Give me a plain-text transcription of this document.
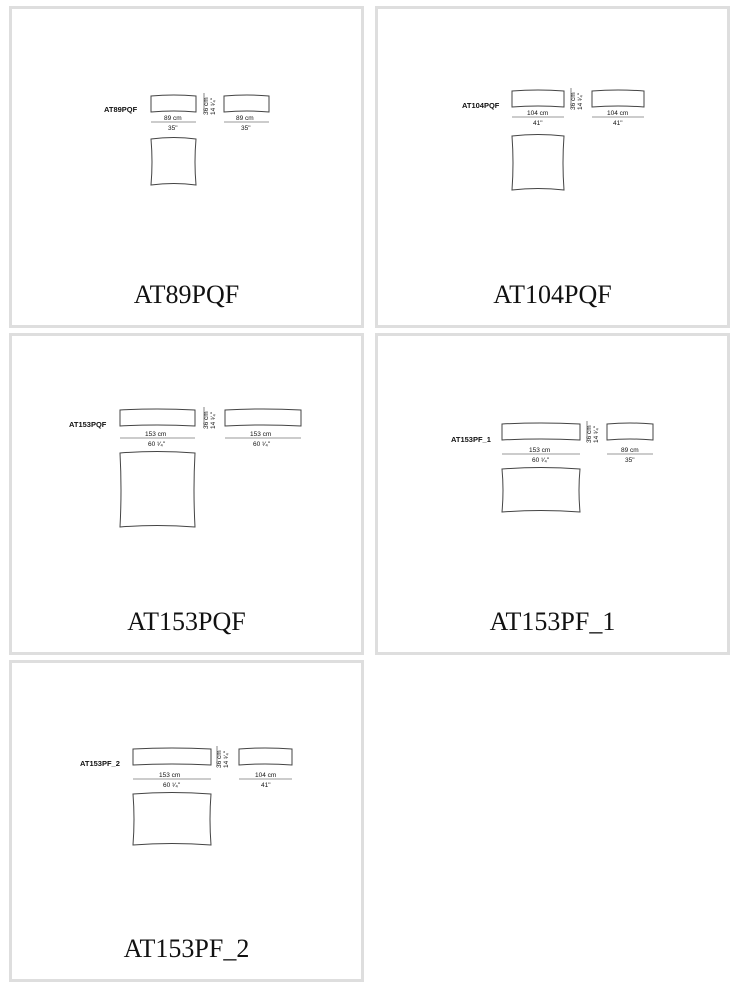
AT89PQF	36 cm 14 ¹⁄₄"
89 cm
35"
89 cm
35"
AT89PQF
AT104PQF	36 cm 14 ¹⁄₄"
104 cm
41"
104 cm
41"
AT104PQF
AT153PQF	36 cm 14 ¹⁄₄"
153 cm
60 ¹⁄₄"
153 cm
60 ¹⁄₄"
AT153PQF
AT153PF_1	36 cm 14 ¹⁄₄"
153 cm
60 ¹⁄₄"
89 cm
35"
AT153PF_1
AT153PF_2	36 cm 14 ¹⁄₄"
153 cm
60 ¹⁄₄"
104 cm
41"
AT153PF_2
